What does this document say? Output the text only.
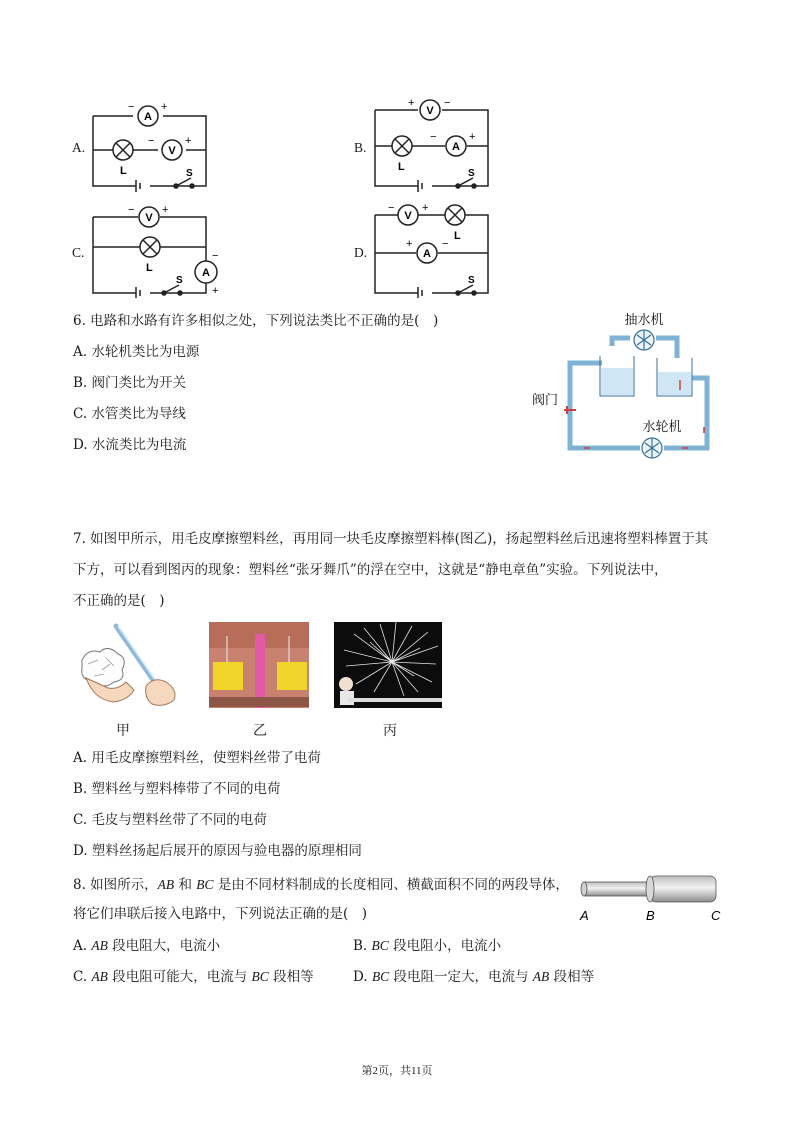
A.
A
V
L	S
− +
−	+	B.
V
A
L
S
+	−
−	+
C.
V
A
L
S
−	+
−
+
D.
V
A
L
S
−	+
+	−
6. 电路和水路有许多相似之处，下列说法类比不正确的是(　)
A. 水轮机类比为电源
B. 阀门类比为开关
C. 水管类比为导线
D. 水流类比为电流
抽水机
阀门
水轮机
7. 如图甲所示，用毛皮摩擦塑料丝，再用同一块毛皮摩擦塑料棒(图乙)，扬起塑料丝后迅速将塑料棒置于其
下方，可以看到图丙的现象：塑料丝“张牙舞爪”的浮在空中，这就是“静电章鱼”实验。下列说法中，
不正确的是(　)
甲	乙	丙
A. 用毛皮摩擦塑料丝，使塑料丝带了电荷
B. 塑料丝与塑料棒带了不同的电荷
C. 毛皮与塑料丝带了不同的电荷
D. 塑料丝扬起后展开的原因与验电器的原理相同
8. 如图所示，AB 和 BC 是由不同材料制成的长度相同、横截面积不同的两段导体，
将它们串联后接入电路中，下列说法正确的是(　)	A	B	C
A. AB 段电阻大，电流小	B. BC 段电阻小，电流小
C. AB 段电阻可能大，电流与 BC 段相等	D. BC 段电阻一定大，电流与 AB 段相等
第2页，共11页
